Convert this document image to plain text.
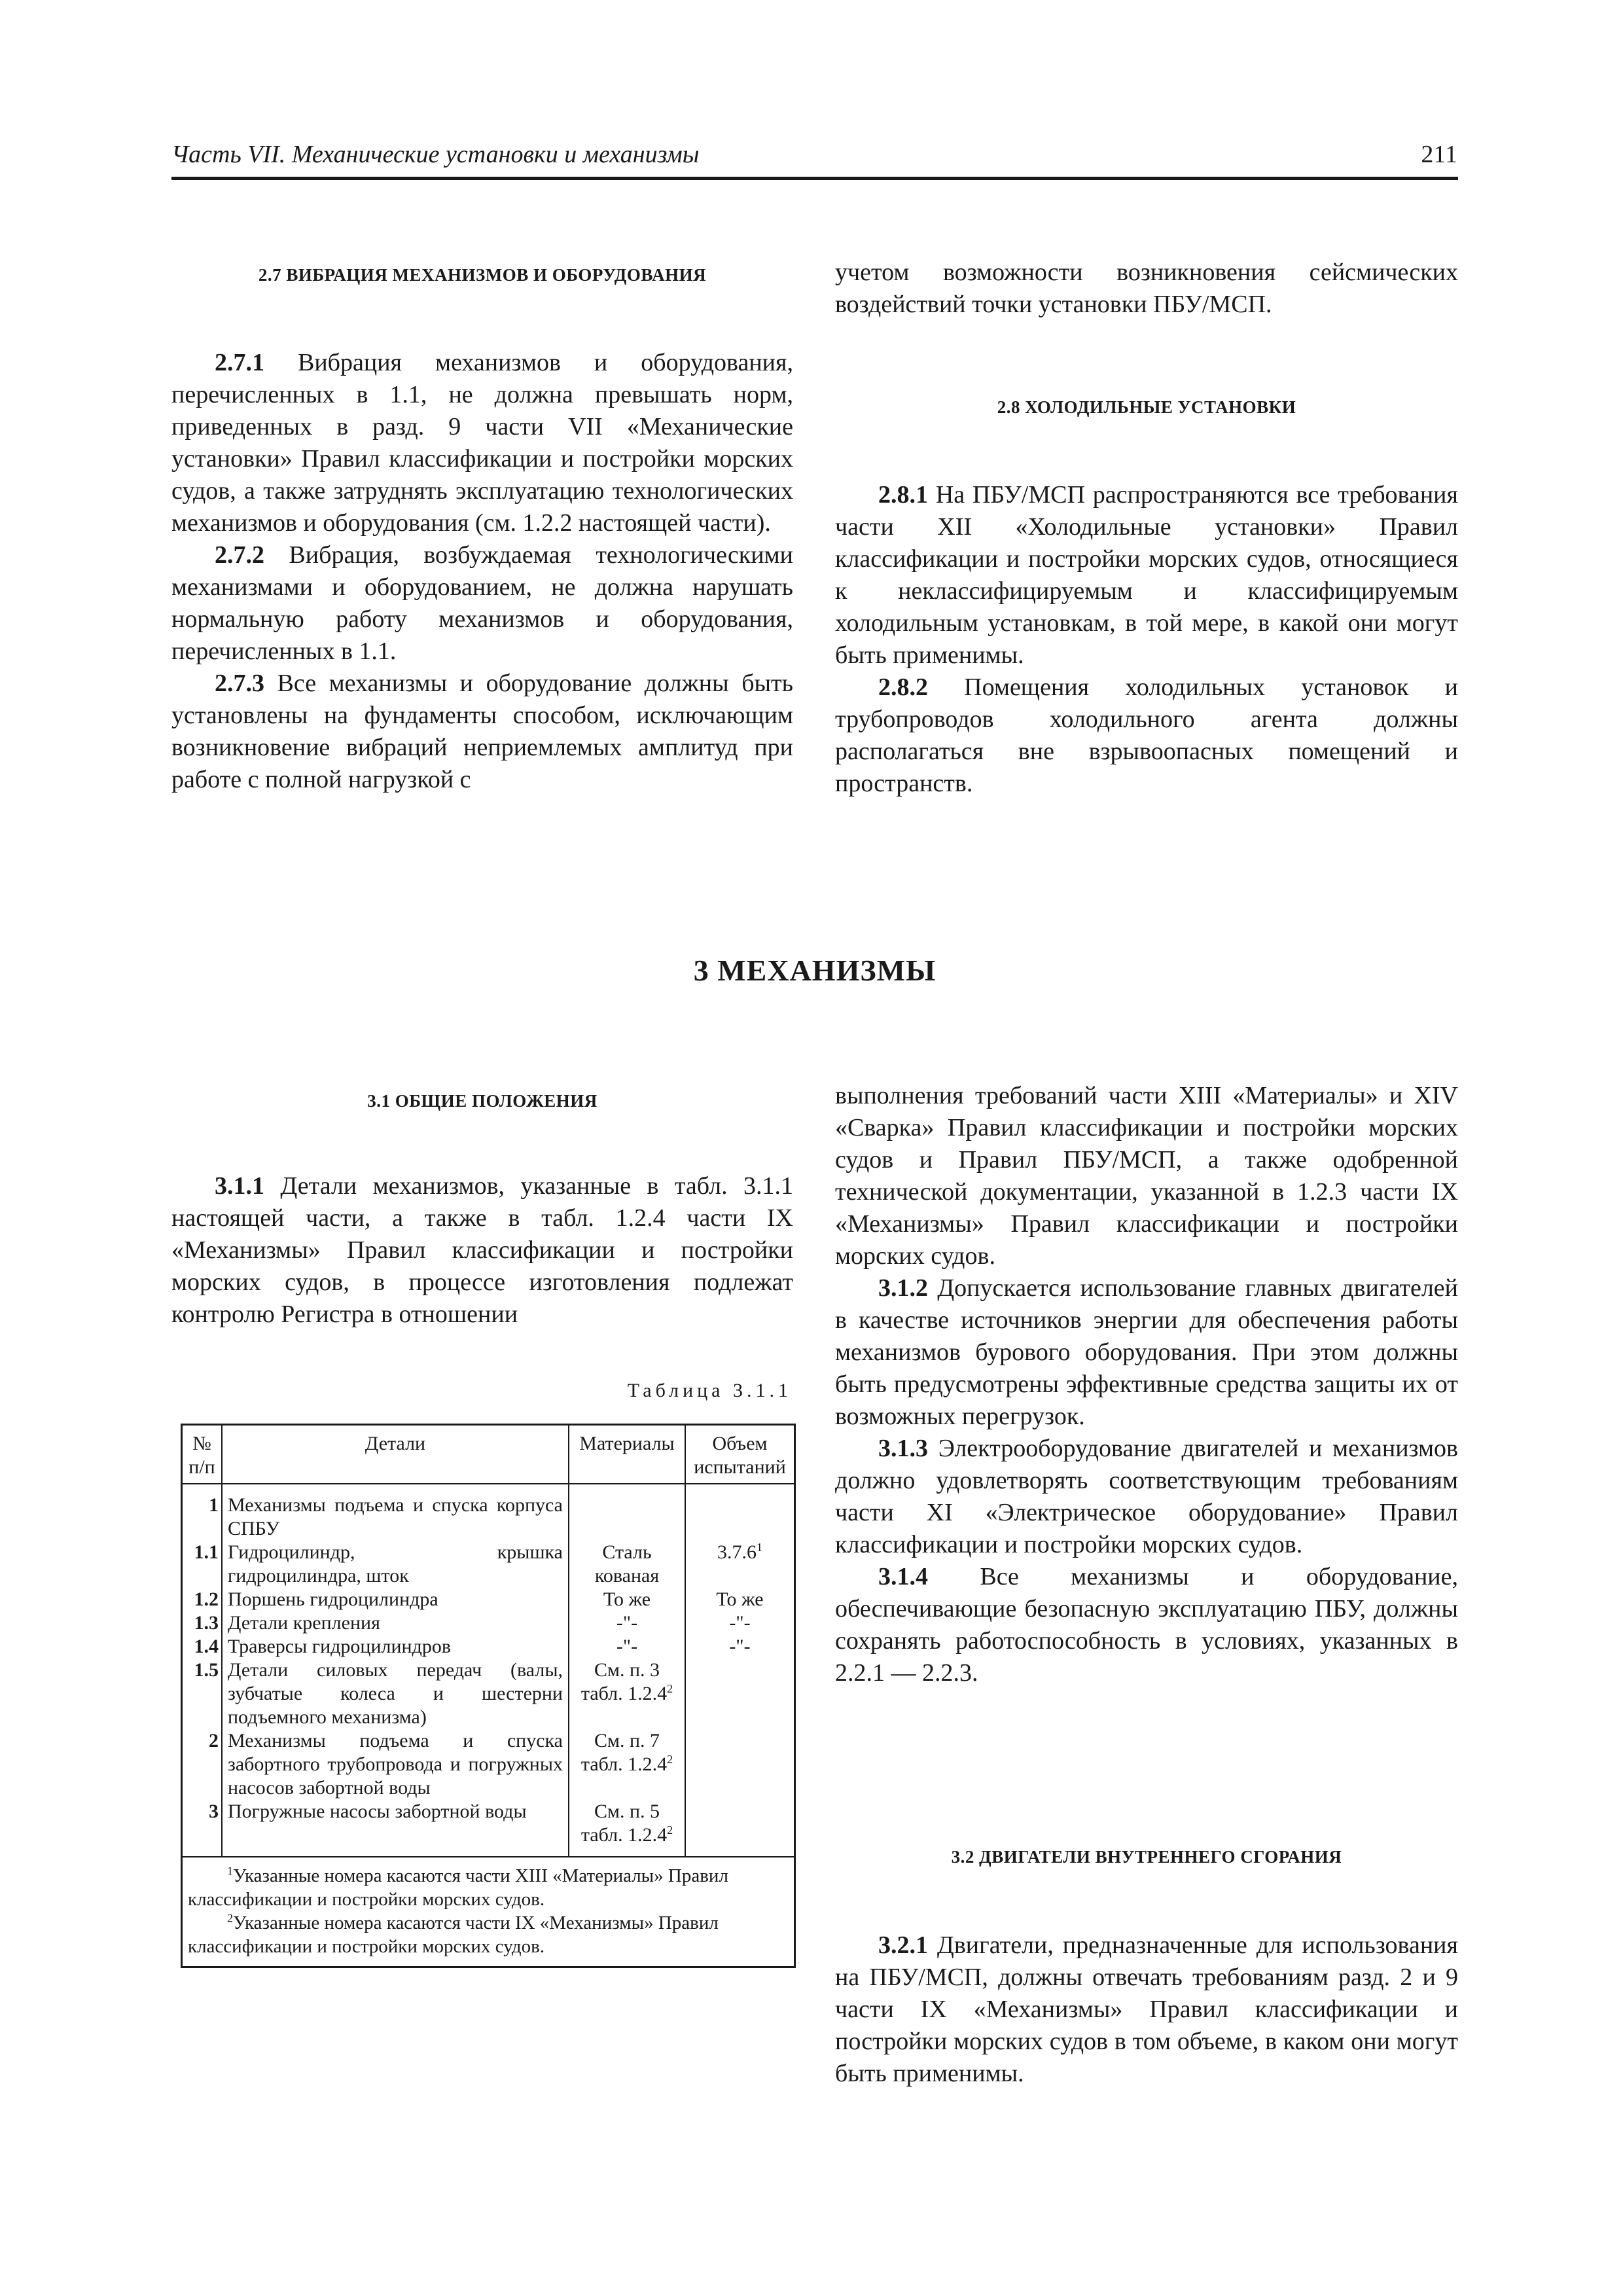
Часть VII. Механические установки и механизмы	211
2.7 ВИБРАЦИЯ МЕХАНИЗМОВ И ОБОРУДОВАНИЯ

2.7.1 Вибрация механизмов и оборудования, перечисленных в 1.1, не должна превышать норм, приведенных в разд. 9 части VII «Механические установки» Правил классификации и постройки морских судов, а также затруднять эксплуатацию технологических механизмов и оборудования (см. 1.2.2 настоящей части).

2.7.2 Вибрация, возбуждаемая технологическими механизмами и оборудованием, не должна нарушать нормальную работу механизмов и оборудования, перечисленных в 1.1.

2.7.3 Все механизмы и оборудование должны быть установлены на фундаменты способом, исключающим возникновение вибраций неприемлемых амплитуд при работе с полной нагрузкой с

учетом возможности возникновения сейсмических воздействий точки установки ПБУ/МСП.

2.8 ХОЛОДИЛЬНЫЕ УСТАНОВКИ

2.8.1 На ПБУ/МСП распространяются все требования части XII «Холодильные установки» Правил классификации и постройки морских судов, относящиеся к неклассифицируемым и классифицируемым холодильным установкам, в той мере, в какой они могут быть применимы.

2.8.2 Помещения холодильных установок и трубопроводов холодильного агента должны располагаться вне взрывоопасных помещений и пространств.

3 МЕХАНИЗМЫ
3.1 ОБЩИЕ ПОЛОЖЕНИЯ

3.1.1 Детали механизмов, указанные в табл. 3.1.1 настоящей части, а также в табл. 1.2.4 части IX «Механизмы» Правил классификации и постройки морских судов, в процессе изготовления подлежат контролю Регистра в отношении

Таблица 3.1.1
№ п/п	Детали	Материалы	Объем испытаний
1	Механизмы подъема и спуска корпуса СПБУ		
1.1	Гидроцилиндр, крышка гидроцилиндра, шток	Сталь кованая	3.7.6$^1$
1.2	Поршень гидроцилиндра	То же	То же
1.3	Детали крепления	-"-	-"-
1.4	Траверсы гидроцилиндров	-"-	-"-
1.5	Детали силовых передач (валы, зубчатые колеса и шестерни подъемного механизма)	См. п. 3 табл. 1.2.4$^2$	
2	Механизмы подъема и спуска забортного трубопровода и погружных насосов забортной воды	См. п. 7 табл. 1.2.4$^2$	
3	Погружные насосы забортной воды	См. п. 5 табл. 1.2.4$^2$	

$^1$Указанные номера касаются части XIII «Материалы» Правил классификации и постройки морских судов.

$^2$Указанные номера касаются части IX «Механизмы» Правил классификации и постройки морских судов.			

выполнения требований части XIII «Материалы» и XIV «Сварка» Правил классификации и постройки морских судов и Правил ПБУ/МСП, а также одобренной технической документации, указанной в 1.2.3 части IX «Механизмы» Правил классификации и постройки морских судов.

3.1.2 Допускается использование главных двигателей в качестве источников энергии для обеспечения работы механизмов бурового оборудования. При этом должны быть предусмотрены эффективные средства защиты их от возможных перегрузок.

3.1.3 Электрооборудование двигателей и механизмов должно удовлетворять соответствующим требованиям части XI «Электрическое оборудование» Правил классификации и постройки морских судов.

3.1.4 Все механизмы и оборудование, обеспечивающие безопасную эксплуатацию ПБУ, должны сохранять работоспособность в условиях, указанных в 2.2.1 — 2.2.3.

3.2 ДВИГАТЕЛИ ВНУТРЕННЕГО СГОРАНИЯ

3.2.1 Двигатели, предназначенные для использования на ПБУ/МСП, должны отвечать требованиям разд. 2 и 9 части IX «Механизмы» Правил классификации и постройки морских судов в том объеме, в каком они могут быть применимы.
